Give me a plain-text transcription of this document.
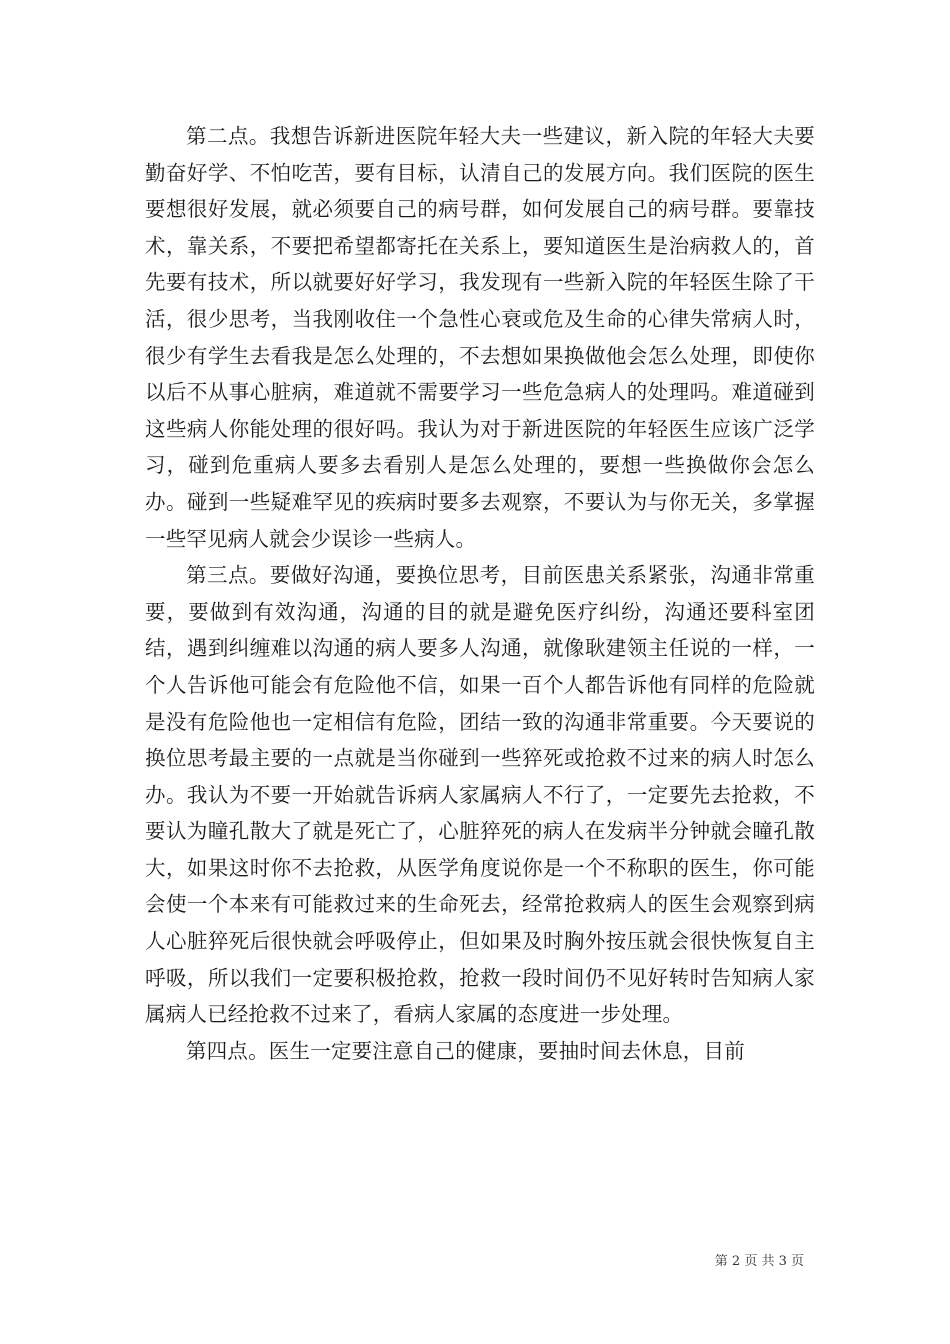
第二点。我想告诉新进医院年轻大夫一些建议，新入院的年轻大夫要勤奋好学、不怕吃苦，要有目标，认清自己的发展方向。我们医院的医生要想很好发展，就必须要自己的病号群，如何发展自己的病号群。要靠技术，靠关系，不要把希望都寄托在关系上，要知道医生是治病救人的，首先要有技术，所以就要好好学习，我发现有一些新入院的年轻医生除了干活，很少思考，当我刚收住一个急性心衰或危及生命的心律失常病人时，很少有学生去看我是怎么处理的，不去想如果换做他会怎么处理，即使你以后不从事心脏病，难道就不需要学习一些危急病人的处理吗。难道碰到这些病人你能处理的很好吗。我认为对于新进医院的年轻医生应该广泛学习，碰到危重病人要多去看别人是怎么处理的，要想一些换做你会怎么办。碰到一些疑难罕见的疾病时要多去观察，不要认为与你无关，多掌握一些罕见病人就会少误诊一些病人。

第三点。要做好沟通，要换位思考，目前医患关系紧张，沟通非常重要，要做到有效沟通，沟通的目的就是避免医疗纠纷，沟通还要科室团结，遇到纠缠难以沟通的病人要多人沟通，就像耿建领主任说的一样，一个人告诉他可能会有危险他不信，如果一百个人都告诉他有同样的危险就是没有危险他也一定相信有危险，团结一致的沟通非常重要。今天要说的换位思考最主要的一点就是当你碰到一些猝死或抢救不过来的病人时怎么办。我认为不要一开始就告诉病人家属病人不行了，一定要先去抢救，不要认为瞳孔散大了就是死亡了，心脏猝死的病人在发病半分钟就会瞳孔散大，如果这时你不去抢救，从医学角度说你是一个不称职的医生，你可能会使一个本来有可能救过来的生命死去，经常抢救病人的医生会观察到病人心脏猝死后很快就会呼吸停止，但如果及时胸外按压就会很快恢复自主呼吸，所以我们一定要积极抢救，抢救一段时间仍不见好转时告知病人家属病人已经抢救不过来了，看病人家属的态度进一步处理。

第四点。医生一定要注意自己的健康，要抽时间去休息，目前

第 2 页 共 3 页
